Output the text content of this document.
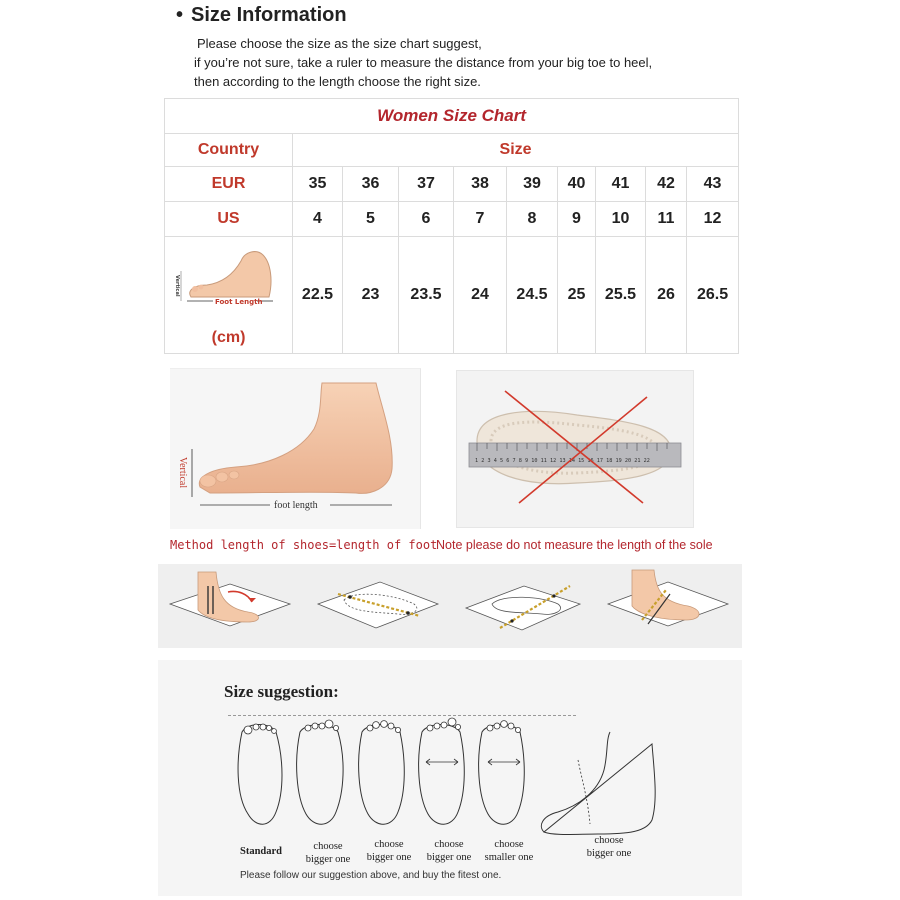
• Size Information
Please choose the size as the size chart suggest,
if you’re not sure, take a ruler to measure the distance from your big toe to heel,
then according to the length choose the right size.
Women Size Chart									
Country	Size								
EUR	35	36	37	38	39	40	41	42	43
US	4	5	6	7	8	9	10	11	12

Vertical
Foot Length
(cm)	22.5	23	23.5	24	24.5	25	25.5	26	26.5
Vertical
foot length
1 2 3 4 5 6 7 8 9 10 11 12 13 14 15 16 17 18 19 20 21 22
Method length of shoes=length of foot
Note please do not measure the length of the sole
Size suggestion:
Standard	choose
bigger one
choose
bigger one
choose
bigger one
choose
smaller one
choose
bigger one
Please follow our suggestion above, and buy the fitest one.
